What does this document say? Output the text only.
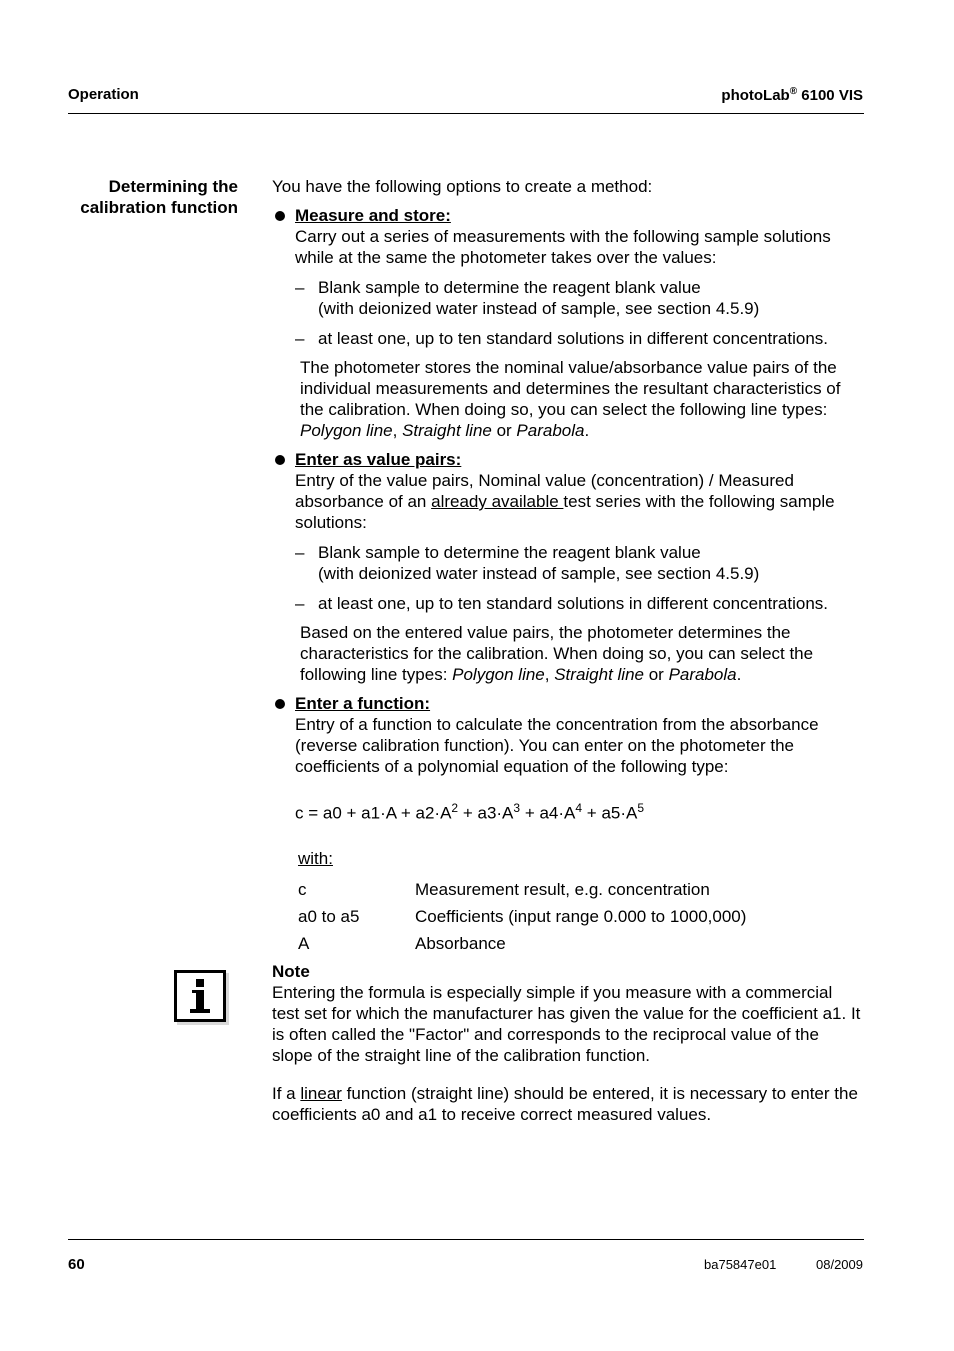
Operation	photoLab® 6100 VIS
Determining the
calibration function

You have the following options to create a method:

Measure and store:
Carry out a series of measurements with the following sample solutions while at the same the photometer takes over the values:
– Blank sample to determine the reagent blank value
(with deionized water instead of sample, see section 4.5.9)
– at least one, up to ten standard solutions in different concentrations.
The photometer stores the nominal value/absorbance value pairs of the individual measurements and determines the resultant characteristics of the calibration. When doing so, you can select the following line types: Polygon line, Straight line or Parabola.
Enter as value pairs:
Entry of the value pairs, Nominal value (concentration) / Measured absorbance of an already available test series with the following sample solutions:
– Blank sample to determine the reagent blank value
(with deionized water instead of sample, see section 4.5.9)
– at least one, up to ten standard solutions in different concentrations.
Based on the entered value pairs, the photometer determines the characteristics for the calibration. When doing so, you can select the following line types: Polygon line, Straight line or Parabola.
Enter a function:
Entry of a function to calculate the concentration from the absorbance (reverse calibration function). You can enter on the photometer the coefficients of a polynomial equation of the following type:
$c = a0 + a1\cdot A + a2\cdot A^2 + a3\cdot A^3 + a4\cdot A^4 + a5\cdot A^5$
with:
c	Measurement result, e.g. concentration
a0 to a5	Coefficients (input range 0.000 to 1000,000)
A	Absorbance
Note

Entering the formula is especially simple if you measure with a commercial test set for which the manufacturer has given the value for the coefficient a1. It is often called the "Factor" and corresponds to the reciprocal value of the slope of the straight line of the calibration function.

If a linear function (straight line) should be entered, it is necessary to enter the coefficients a0 and a1 to receive correct measured values.

60	ba75847e01	08/2009
